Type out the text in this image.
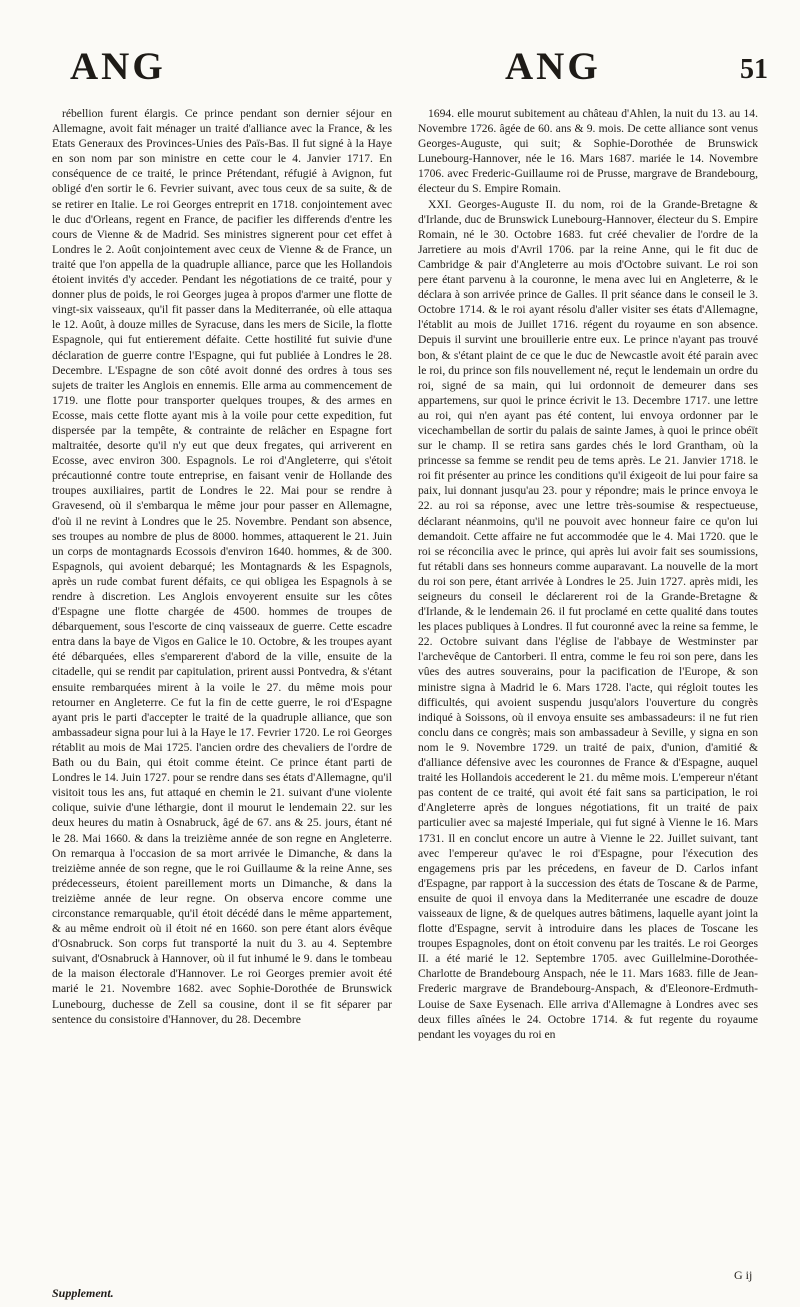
ANG	ANG	51

rébellion furent élargis. Ce prince pendant son dernier séjour en Allemagne, avoit fait ménager un traité d'alliance avec la France, & les Etats Generaux des Provinces-Unies des Païs-Bas. Il fut signé à la Haye en son nom par son ministre en cette cour le 4. Janvier 1717. En conséquence de ce traité, le prince Prétendant, réfugié à Avignon, fut obligé d'en sortir le 6. Fevrier suivant, avec tous ceux de sa suite, & de se retirer en Italie. Le roi Georges entreprit en 1718. conjointement avec le duc d'Orleans, regent en France, de pacifier les differends d'entre les cours de Vienne & de Madrid. Ses ministres signerent pour cet effet à Londres le 2. Août conjointement avec ceux de Vienne & de France, un traité que l'on appella de la quadruple alliance, parce que les Hollandois étoient invités d'y acceder. Pendant les négotiations de ce traité, pour y donner plus de poids, le roi Georges jugea à propos d'armer une flotte de vingt-six vaisseaux, qu'il fit passer dans la Mediterranée, où elle attaqua le 12. Août, à douze milles de Syracuse, dans les mers de Sicile, la flotte Espagnole, qui fut entierement défaite. Cette hostilité fut suivie d'une déclaration de guerre contre l'Espagne, qui fut publiée à Londres le 28. Decembre. L'Espagne de son côté avoit donné des ordres à tous ses sujets de traiter les Anglois en ennemis. Elle arma au commencement de 1719. une flotte pour transporter quelques troupes, & des armes en Ecosse, mais cette flotte ayant mis à la voile pour cette expedition, fut dispersée par la tempête, & contrainte de relâcher en Espagne fort maltraitée, desorte qu'il n'y eut que deux fregates, qui arriverent en Ecosse, avec environ 300. Espagnols. Le roi d'Angleterre, qui s'étoit précautionné contre toute entreprise, en faisant venir de Hollande des troupes auxiliaires, partit de Londres le 22. Mai pour se rendre à Gravesend, où il s'embarqua le même jour pour passer en Allemagne, d'où il ne revint à Londres que le 25. Novembre. Pendant son absence, ses troupes au nombre de plus de 8000. hommes, attaquerent le 21. Juin un corps de montagnards Ecossois d'environ 1640. hommes, & de 300. Espagnols, qui avoient debarqué; les Montagnards & les Espagnols, après un rude combat furent défaits, ce qui obligea les Espagnols à se rendre à discretion. Les Anglois envoyerent ensuite sur les côtes d'Espagne une flotte chargée de 4500. hommes de troupes de débarquement, sous l'escorte de cinq vaisseaux de guerre. Cette escadre entra dans la baye de Vigos en Galice le 10. Octobre, & les troupes ayant été débarquées, elles s'emparerent d'abord de la ville, ensuite de la citadelle, qui se rendit par capitulation, prirent aussi Pontvedra, & s'étant ensuite rembarquées mirent à la voile le 27. du même mois pour retourner en Angleterre. Ce fut la fin de cette guerre, le roi d'Espagne ayant pris le parti d'accepter le traité de la quadruple alliance, que son ambassadeur signa pour lui à la Haye le 17. Fevrier 1720. Le roi Georges rétablit au mois de Mai 1725. l'ancien ordre des chevaliers de l'ordre de Bath ou du Bain, qui étoit comme éteint. Ce prince étant parti de Londres le 14. Juin 1727. pour se rendre dans ses états d'Allemagne, qu'il visitoit tous les ans, fut attaqué en chemin le 21. suivant d'une violente colique, suivie d'une léthargie, dont il mourut le lendemain 22. sur les deux heures du matin à Osnabruck, âgé de 67. ans & 25. jours, étant né le 28. Mai 1660. & dans la treizième année de son regne en Angleterre. On remarqua à l'occasion de sa mort arrivée le Dimanche, & dans la treizième année de son regne, que le roi Guillaume & la reine Anne, ses prédecesseurs, étoient pareillement morts un Dimanche, & dans la treizième année de leur regne. On observa encore comme une circonstance remarquable, qu'il étoit décédé dans le même appartement, & au même endroit où il étoit né en 1660. son pere étant alors évêque d'Osnabruck. Son corps fut transporté la nuit du 3. au 4. Septembre suivant, d'Osnabruck à Hannover, où il fut inhumé le 9. dans le tombeau de la maison électorale d'Hannover. Le roi Georges premier avoit été marié le 21. Novembre 1682. avec Sophie-Dorothée de Brunswick Lunebourg, duchesse de Zell sa cousine, dont il se fit séparer par sentence du consistoire d'Hannover, du 28. Decembre

1694. elle mourut subitement au château d'Ahlen, la nuit du 13. au 14. Novembre 1726. âgée de 60. ans & 9. mois. De cette alliance sont venus Georges-Auguste, qui suit; & Sophie-Dorothée de Brunswick Lunebourg-Hannover, née le 16. Mars 1687. mariée le 14. Novembre 1706. avec Frederic-Guillaume roi de Prusse, margrave de Brandebourg, électeur du S. Empire Romain.

XXI. Georges-Auguste II. du nom, roi de la Grande-Bretagne & d'Irlande, duc de Brunswick Lunebourg-Hannover, électeur du S. Empire Romain, né le 30. Octobre 1683. fut créé chevalier de l'ordre de la Jarretiere au mois d'Avril 1706. par la reine Anne, qui le fit duc de Cambridge & pair d'Angleterre au mois d'Octobre suivant. Le roi son pere étant parvenu à la couronne, le mena avec lui en Angleterre, & le déclara à son arrivée prince de Galles. Il prit séance dans le conseil le 3. Octobre 1714. & le roi ayant résolu d'aller visiter ses états d'Allemagne, l'établit au mois de Juillet 1716. régent du royaume en son absence. Depuis il survint une brouillerie entre eux. Le prince n'ayant pas trouvé bon, & s'étant plaint de ce que le duc de Newcastle avoit été parain avec le roi, du prince son fils nouvellement né, reçut le lendemain un ordre du roi, signé de sa main, qui lui ordonnoit de demeurer dans ses appartemens, sur quoi le prince écrivit le 13. Decembre 1717. une lettre au roi, qui n'en ayant pas été content, lui envoya ordonner par le vicechambellan de sortir du palais de sainte James, à quoi le prince obéït sur le champ. Il se retira sans gardes chés le lord Grantham, où la princesse sa femme se rendit peu de tems après. Le 21. Janvier 1718. le roi fit présenter au prince les conditions qu'il éxigeoit de lui pour faire sa paix, lui donnant jusqu'au 23. pour y répondre; mais le prince envoya le 22. au roi sa réponse, avec une lettre très-soumise & respectueuse, déclarant néanmoins, qu'il ne pouvoit avec honneur faire ce qu'on lui demandoit. Cette affaire ne fut accommodée que le 4. Mai 1720. que le roi se réconcilia avec le prince, qui après lui avoir fait ses soumissions, fut rétabli dans ses honneurs comme auparavant. La nouvelle de la mort du roi son pere, étant arrivée à Londres le 25. Juin 1727. après midi, les seigneurs du conseil le déclarerent roi de la Grande-Bretagne & d'Irlande, & le lendemain 26. il fut proclamé en cette qualité dans toutes les places publiques à Londres. Il fut couronné avec la reine sa femme, le 22. Octobre suivant dans l'église de l'abbaye de Westminster par l'archevêque de Cantorberi. Il entra, comme le feu roi son pere, dans les vûes des autres souverains, pour la pacification de l'Europe, & son ministre signa à Madrid le 6. Mars 1728. l'acte, qui régloit toutes les difficultés, qui avoient suspendu jusqu'alors l'ouverture du congrès indiqué à Soissons, où il envoya ensuite ses ambassadeurs: il ne fut rien conclu dans ce congrès; mais son ambassadeur à Seville, y signa en son nom le 9. Novembre 1729. un traité de paix, d'union, d'amitié & d'alliance défensive avec les couronnes de France & d'Espagne, auquel traité les Hollandois accederent le 21. du même mois. L'empereur n'étant pas content de ce traité, qui avoit été fait sans sa participation, le roi d'Angleterre après de longues négotiations, fit un traité de paix particulier avec sa majesté Imperiale, qui fut signé à Vienne le 16. Mars 1731. Il en conclut encore un autre à Vienne le 22. Juillet suivant, tant avec l'empereur qu'avec le roi d'Espagne, pour l'éxecution des engagemens pris par les précedens, en faveur de D. Carlos infant d'Espagne, par rapport à la succession des états de Toscane & de Parme, ensuite de quoi il envoya dans la Mediterranée une escadre de douze vaisseaux de ligne, & de quelques autres bâtimens, laquelle ayant joint la flotte d'Espagne, servit à introduire dans les places de Toscane les troupes Espagnoles, dont on étoit convenu par les traités. Le roi Georges II. a été marié le 12. Septembre 1705. avec Guillelmine-Dorothée-Charlotte de Brandebourg Anspach, née le 11. Mars 1683. fille de Jean-Frederic margrave de Brandebourg-Anspach, & d'Eleonore-Erdmuth-Louise de Saxe Eysenach. Elle arriva d'Allemagne à Londres avec ses deux filles aînées le 24. Octobre 1714. & fut regente du royaume pendant les voyages du roi en

Supplement.
G ij
